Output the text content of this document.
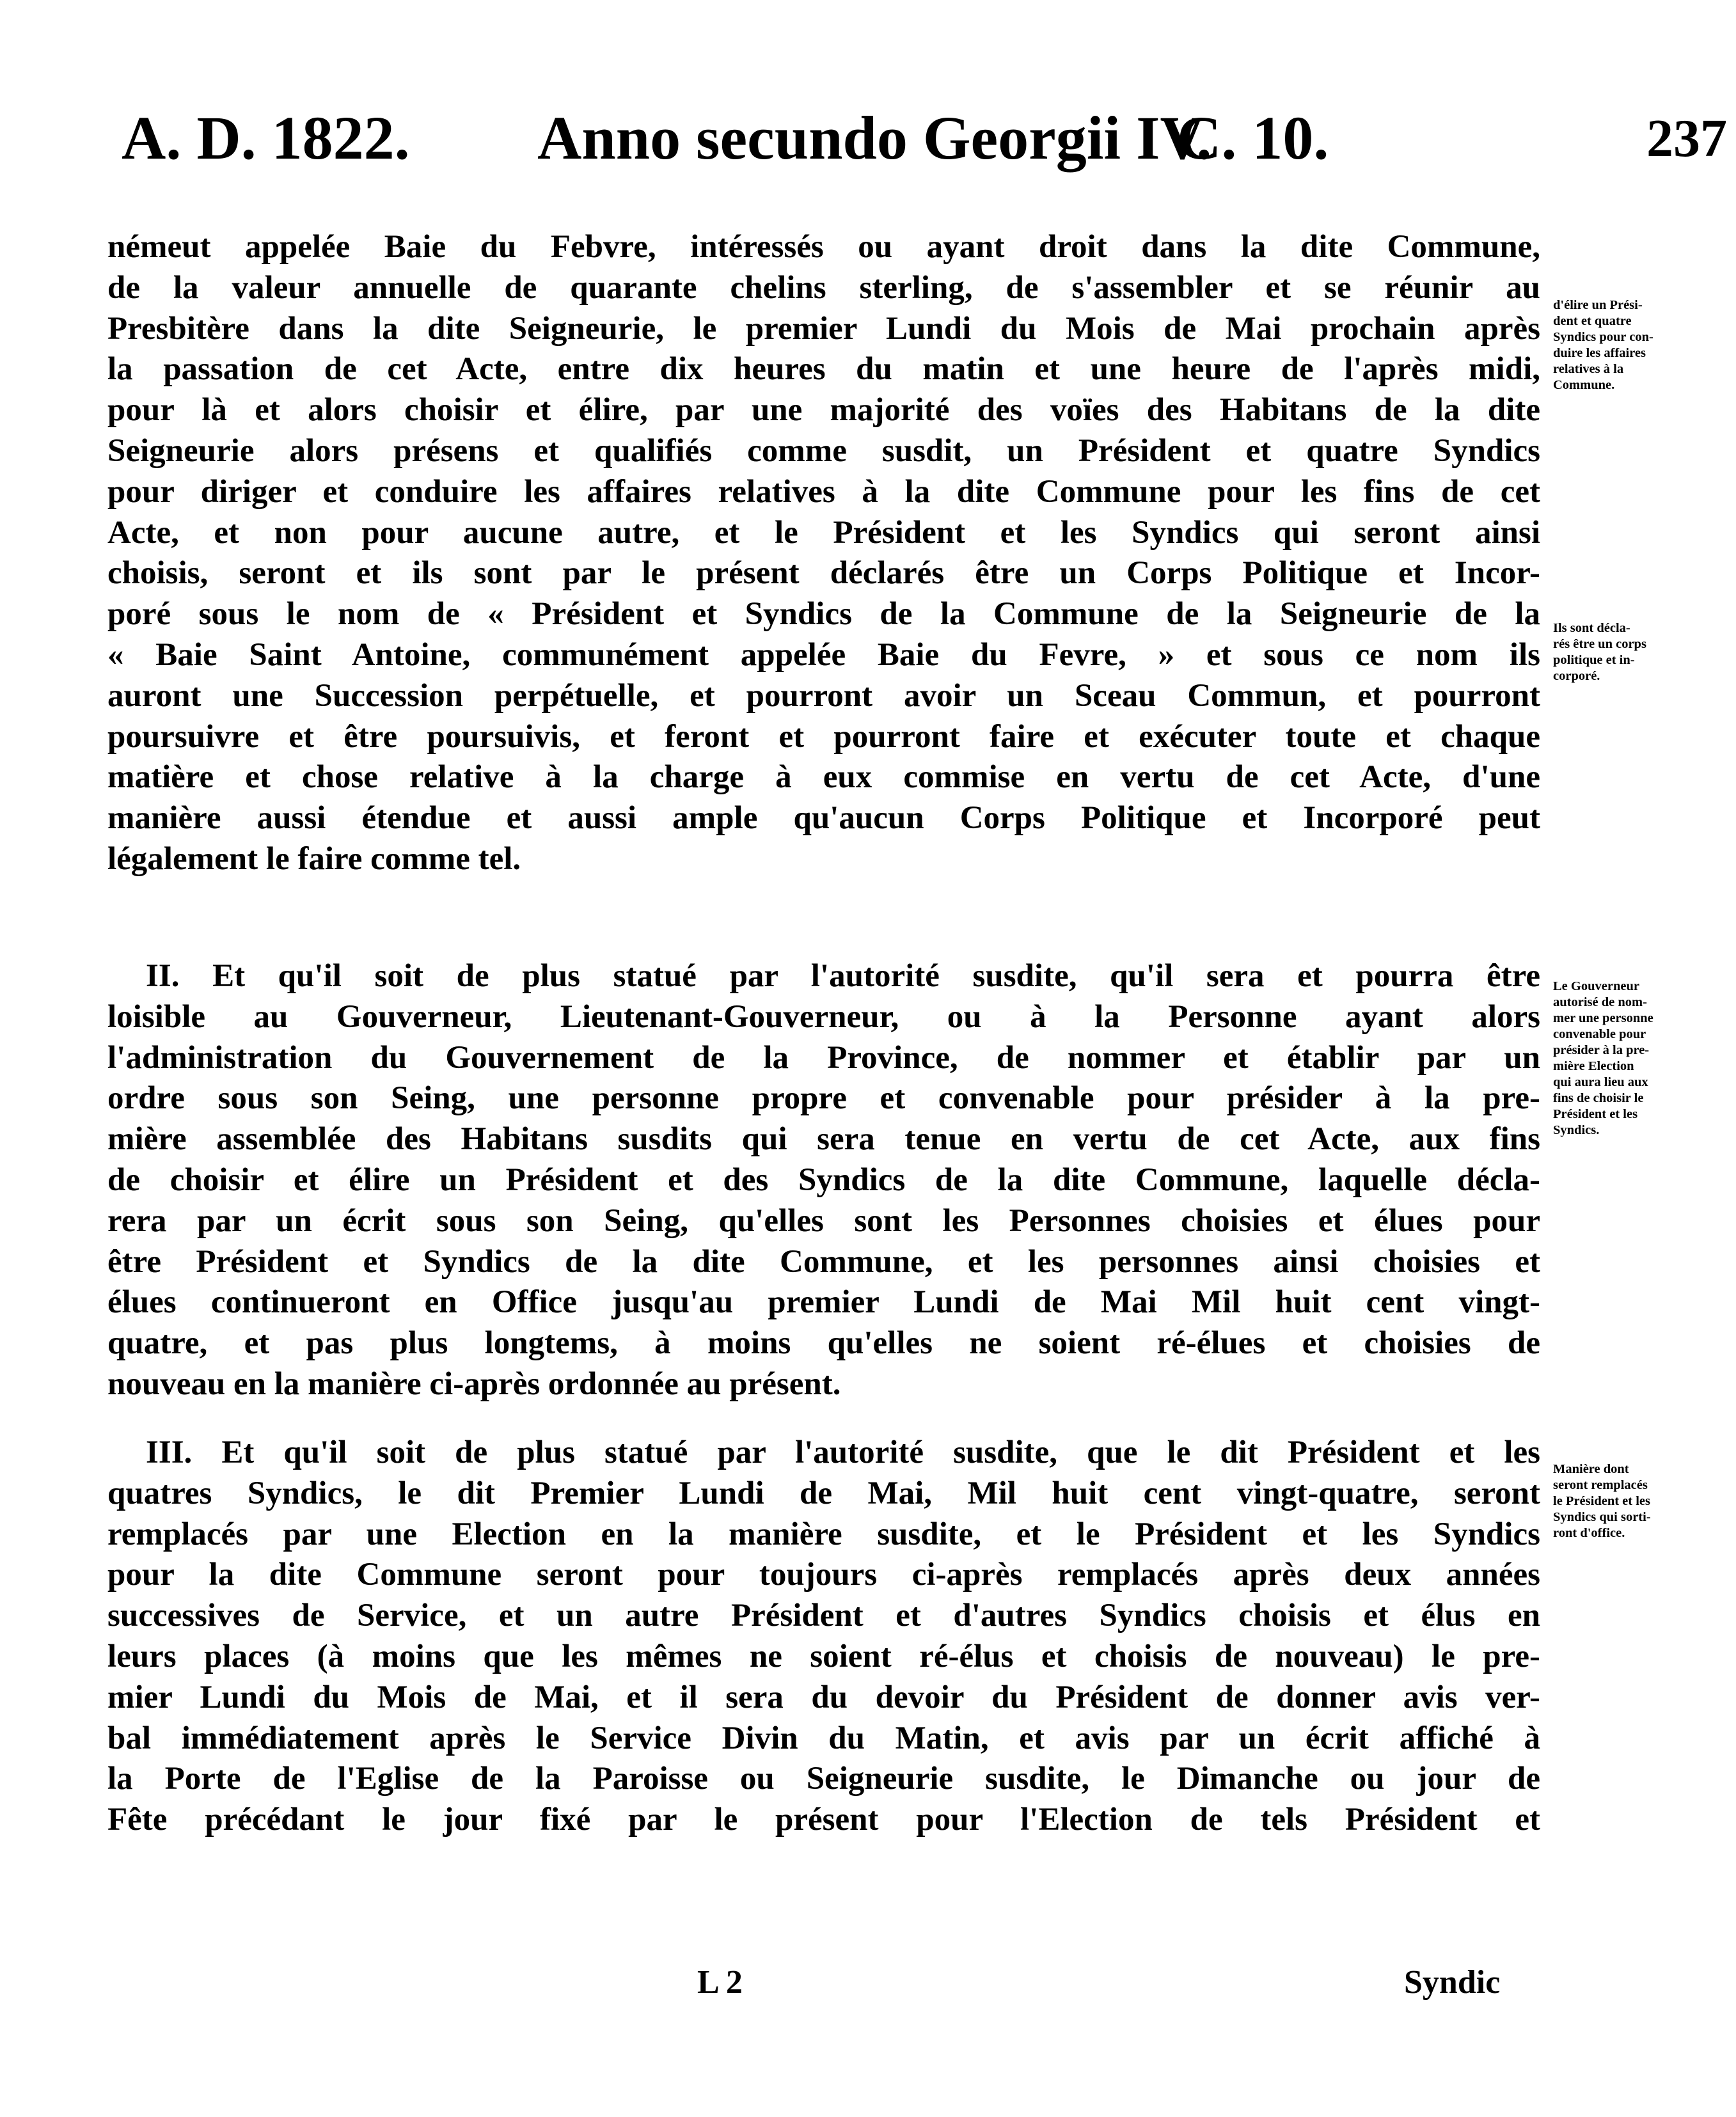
A. D. 1822. Anno secundo Georgii IV.
C. 10.	237
némeut appelée Baie du Febvre, intéressés ou ayant droit dans la dite Commune,
de la valeur annuelle de quarante chelins sterling, de s'assembler et se réunir au
Presbitère dans la dite Seigneurie, le premier Lundi du Mois de Mai prochain après
la passation de cet Acte, entre dix heures du matin et une heure de l'après midi,
pour là et alors choisir et élire, par une majorité des voïes des Habitans de la dite
Seigneurie alors présens et qualifiés comme susdit, un Président et quatre Syndics
pour diriger et conduire les affaires relatives à la dite Commune pour les fins de cet
Acte, et non pour aucune autre, et le Président et les Syndics qui seront ainsi
choisis, seront et ils sont par le présent déclarés être un Corps Politique et Incor-
poré sous le nom de « Président et Syndics de la Commune de la Seigneurie de la
« Baie Saint Antoine, communément appelée Baie du Fevre, » et sous ce nom ils
auront une Succession perpétuelle, et pourront avoir un Sceau Commun, et pourront
poursuivre et être poursuivis, et feront et pourront faire et exécuter toute et chaque
matière et chose relative à la charge à eux commise en vertu de cet Acte, d'une
manière aussi étendue et aussi ample qu'aucun Corps Politique et Incorporé peut
légalement le faire comme tel.
II. Et qu'il soit de plus statué par l'autorité susdite, qu'il sera et pourra être
loisible au Gouverneur, Lieutenant-Gouverneur, ou à la Personne ayant alors
l'administration du Gouvernement de la Province, de nommer et établir par un
ordre sous son Seing, une personne propre et convenable pour présider à la pre-
mière assemblée des Habitans susdits qui sera tenue en vertu de cet Acte, aux fins
de choisir et élire un Président et des Syndics de la dite Commune, laquelle décla-
rera par un écrit sous son Seing, qu'elles sont les Personnes choisies et élues pour
être Président et Syndics de la dite Commune, et les personnes ainsi choisies et
élues continueront en Office jusqu'au premier Lundi de Mai Mil huit cent vingt-
quatre, et pas plus longtems, à moins qu'elles ne soient ré-élues et choisies de
nouveau en la manière ci-après ordonnée au présent.
III. Et qu'il soit de plus statué par l'autorité susdite, que le dit Président et les
quatres Syndics, le dit Premier Lundi de Mai, Mil huit cent vingt-quatre, seront
remplacés par une Election en la manière susdite, et le Président et les Syndics
pour la dite Commune seront pour toujours ci-après remplacés après deux années
successives de Service, et un autre Président et d'autres Syndics choisis et élus en
leurs places (à moins que les mêmes ne soient ré-élus et choisis de nouveau) le pre-
mier Lundi du Mois de Mai, et il sera du devoir du Président de donner avis ver-
bal immédiatement après le Service Divin du Matin, et avis par un écrit affiché à
la Porte de l'Eglise de la Paroisse ou Seigneurie susdite, le Dimanche ou jour de
Fête précédant le jour fixé par le présent pour l'Election de tels Président et
d'élire un Prési-
dent et quatre
Syndics pour con-
duire les affaires
relatives à la
Commune.
Ils sont décla-
rés être un corps
politique et in-
corporé.
Le Gouverneur
autorisé de nom-
mer une personne
convenable pour
présider à la pre-
mière Election
qui aura lieu aux
fins de choisir le
Président et les
Syndics.
Manière dont
seront remplacés
le Président et les
Syndics qui sorti-
ront d'office.
L 2	Syndic
